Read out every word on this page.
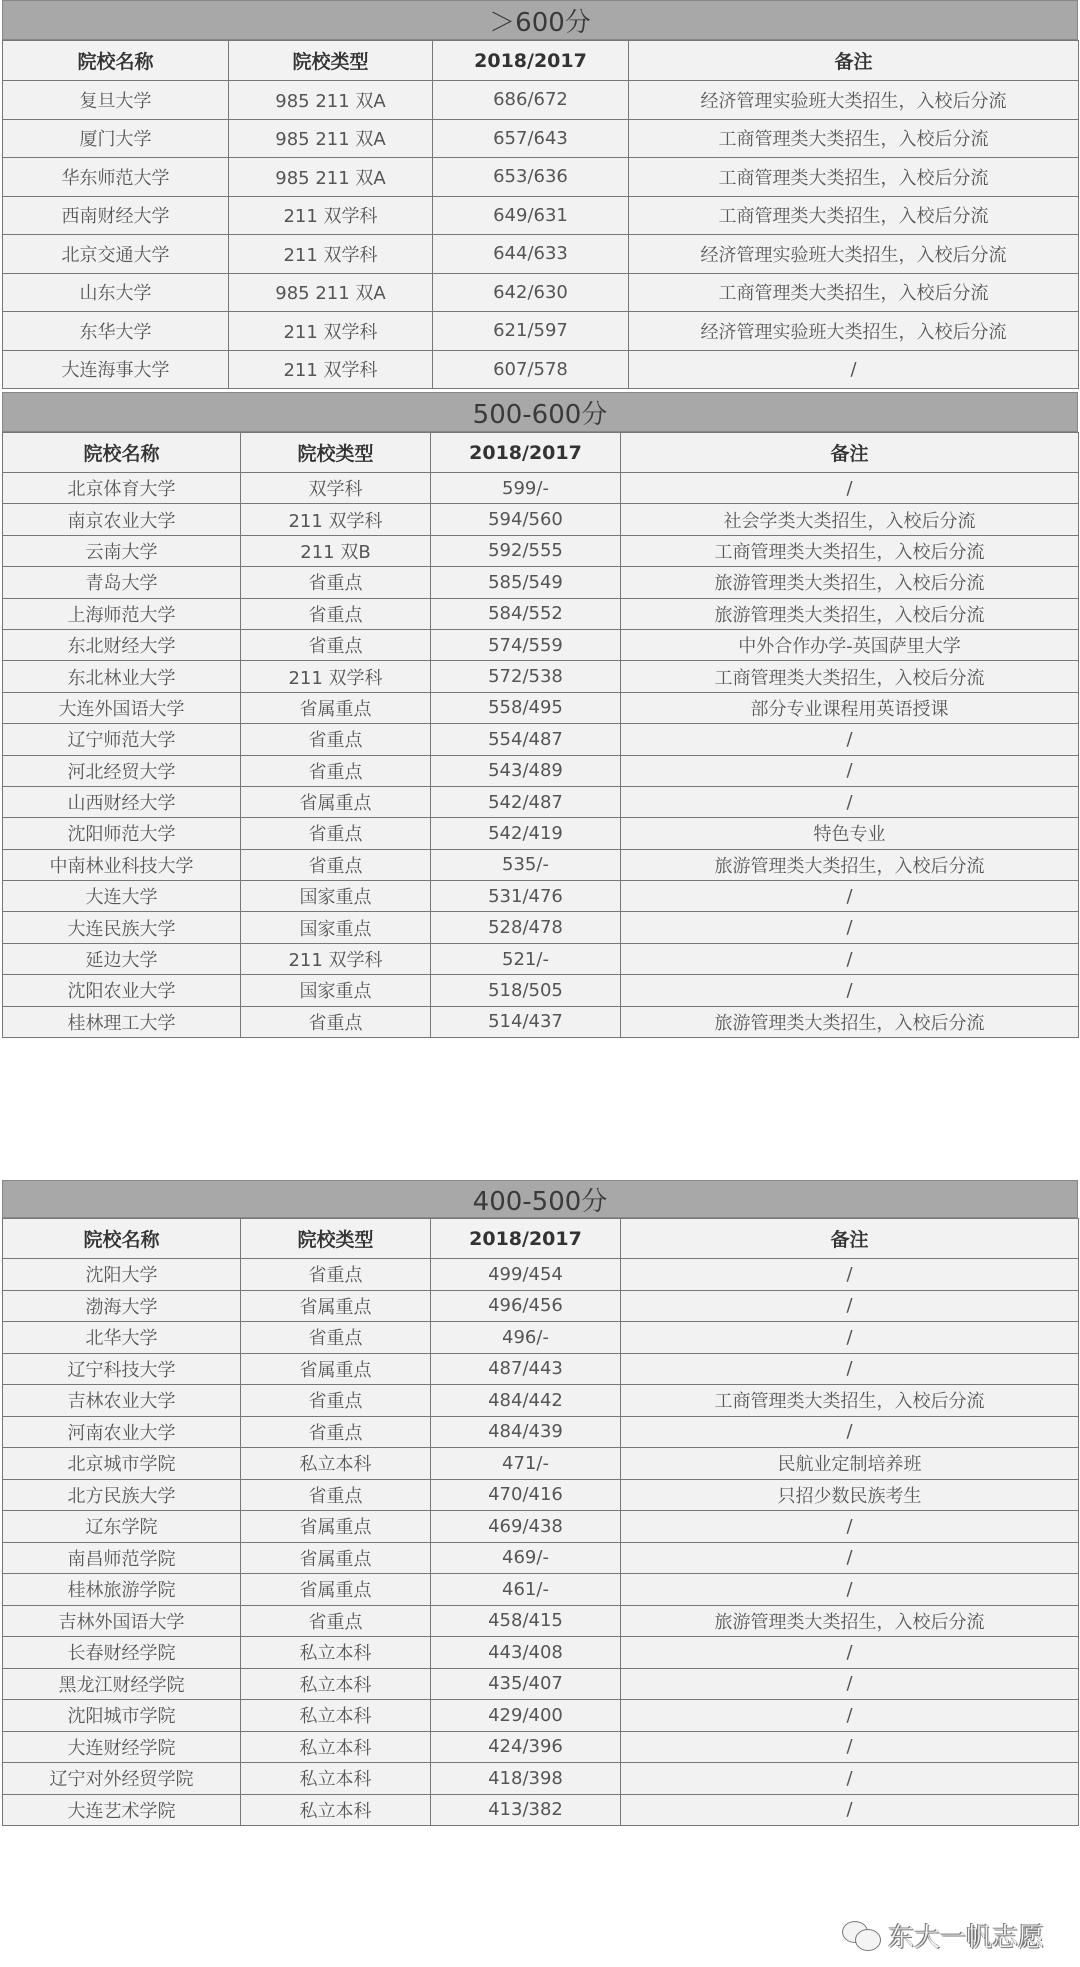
＞600分
院校名称	院校类型	2018/2017	备注
复旦大学	985 211 双A	686/672	经济管理实验班大类招生，入校后分流
厦门大学	985 211 双A	657/643	工商管理类大类招生，入校后分流
华东师范大学	985 211 双A	653/636	工商管理类大类招生，入校后分流
西南财经大学	211 双学科	649/631	工商管理类大类招生，入校后分流
北京交通大学	211 双学科	644/633	经济管理实验班大类招生，入校后分流
山东大学	985 211 双A	642/630	工商管理类大类招生，入校后分流
东华大学	211 双学科	621/597	经济管理实验班大类招生，入校后分流
大连海事大学	211 双学科	607/578	/
500-600分
院校名称	院校类型	2018/2017	备注
北京体育大学	双学科	599/-	/
南京农业大学	211 双学科	594/560	社会学类大类招生，入校后分流
云南大学	211 双B	592/555	工商管理类大类招生，入校后分流
青岛大学	省重点	585/549	旅游管理类大类招生，入校后分流
上海师范大学	省重点	584/552	旅游管理类大类招生，入校后分流
东北财经大学	省重点	574/559	中外合作办学-英国萨里大学
东北林业大学	211 双学科	572/538	工商管理类大类招生，入校后分流
大连外国语大学	省属重点	558/495	部分专业课程用英语授课
辽宁师范大学	省重点	554/487	/
河北经贸大学	省重点	543/489	/
山西财经大学	省属重点	542/487	/
沈阳师范大学	省重点	542/419	特色专业
中南林业科技大学	省重点	535/-	旅游管理类大类招生，入校后分流
大连大学	国家重点	531/476	/
大连民族大学	国家重点	528/478	/
延边大学	211 双学科	521/-	/
沈阳农业大学	国家重点	518/505	/
桂林理工大学	省重点	514/437	旅游管理类大类招生，入校后分流
400-500分
院校名称	院校类型	2018/2017	备注
沈阳大学	省重点	499/454	/
渤海大学	省属重点	496/456	/
北华大学	省重点	496/-	/
辽宁科技大学	省属重点	487/443	/
吉林农业大学	省重点	484/442	工商管理类大类招生，入校后分流
河南农业大学	省重点	484/439	/
北京城市学院	私立本科	471/-	民航业定制培养班
北方民族大学	省重点	470/416	只招少数民族考生
辽东学院	省属重点	469/438	/
南昌师范学院	省属重点	469/-	/
桂林旅游学院	省属重点	461/-	/
吉林外国语大学	省重点	458/415	旅游管理类大类招生，入校后分流
长春财经学院	私立本科	443/408	/
黑龙江财经学院	私立本科	435/407	/
沈阳城市学院	私立本科	429/400	/
大连财经学院	私立本科	424/396	/
辽宁对外经贸学院	私立本科	418/398	/
大连艺术学院	私立本科	413/382	/
东大一帆志愿
